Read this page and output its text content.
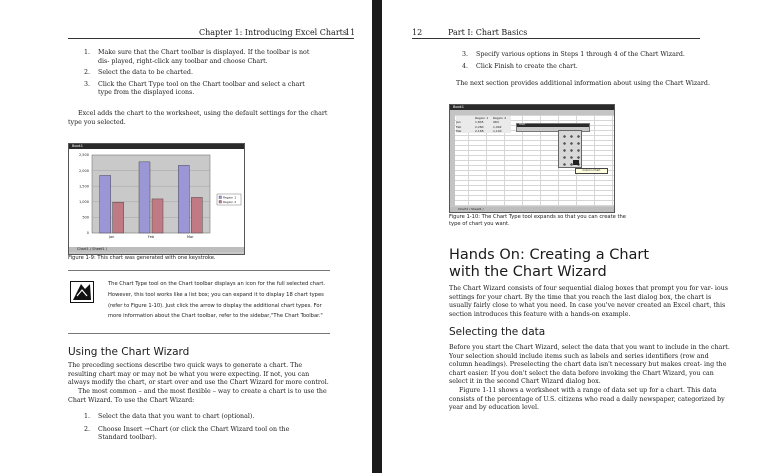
Chapter 1: Introducing Excel Charts
11
1. Make sure that the Chart toolbar is displayed. If the toolbar is not dis- played, right-click any toolbar and choose Chart.
2. Select the data to be charted.
3. Click the Chart Type tool on the Chart toolbar and select a chart type from the displayed icons.
Excel adds the chart to the worksheet, using the default settings for the chart type you selected.
Book1
0
500
1,000
1,500
2,000
2,500
Jan	Feb	Mar
Region 1
Region 2
Chart1 / Sheet1 /
Figure 1-9: This chart was generated with one keystroke.
The Chart Type tool on the Chart toolbar displays an icon for the full selected chart. However, this tool works like a list box; you can expand it to display 18 chart types (refer to Figure 1-10). Just click the arrow to display the additional chart types. For more information about the Chart toolbar, refer to the sidebar,"The Chart Toolbar."
Using the Chart Wizard
The preceding sections describe two quick ways to generate a chart. The resulting chart may or may not be what you were expecting. If not, you can always modify the chart, or start over and use the Chart Wizard for more control.
The most common – and the most flexible – way to create a chart is to use the Chart Wizard. To use the Chart Wizard:
1. Select the data that you want to chart (optional).
2. Choose Insert →Chart (or click the Chart Wizard tool on the Standard toolbar).
12	Part I: Chart Basics
3. Specify various options in Steps 1 through 4 of the Chart Wizard.
4. Click Finish to create the chart.
The next section provides additional information about using the Chart Wizard.
Book1
Region 1	Region 2
Jan	1,845	984
Feb	2,280	1,092
Mar	2,168	1,140
Chart
Column Chart
Chart1 / Sheet1 /
Figure 1-10: The Chart Type tool expands so that you can create the type of chart you want.
Hands On: Creating a Chart with the Chart Wizard
The Chart Wizard consists of four sequential dialog boxes that prompt you for var- ious settings for your chart. By the time that you reach the last dialog box, the chart is usually fairly close to what you need. In case you've never created an Excel chart, this section introduces this feature with a hands-on example.
Selecting the data
Before you start the Chart Wizard, select the data that you want to include in the chart. Your selection should include items such as labels and series identifiers (row and column headings). Preselecting the chart data isn't necessary but makes creat- ing the chart easier. If you don't select the data before invoking the Chart Wizard, you can select it in the second Chart Wizard dialog box.
Figure 1-11 shows a worksheet with a range of data set up for a chart. This data consists of the percentage of U.S. citizens who read a daily newspaper, categorized by year and by education level.
